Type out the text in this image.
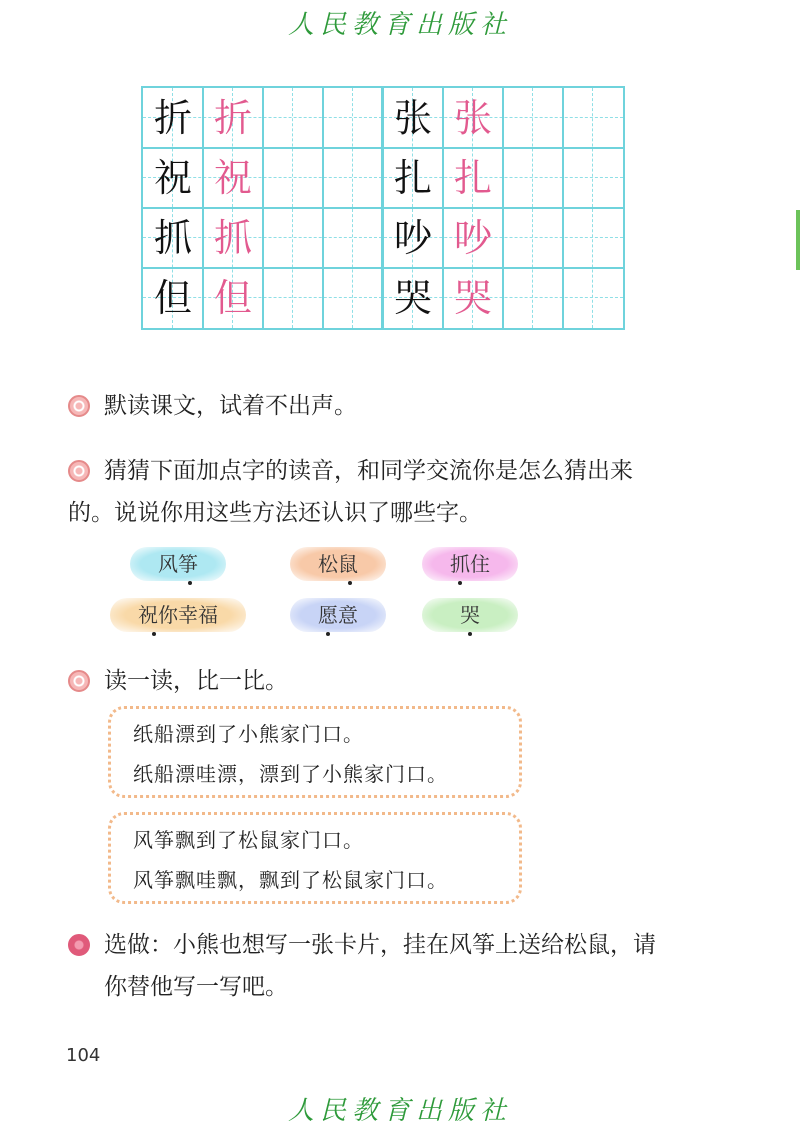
人民教育出版社
折 折	张 张
祝 祝	扎 扎
抓 抓	吵 吵
但 但	哭 哭
默读课文，试着不出声。
猜猜下面加点字的读音，和同学交流你是怎么猜出来
的。说说你用这些方法还认识了哪些字。
风筝	松鼠	抓住
祝你幸福	愿意	哭
读一读，比一比。
纸船漂到了小熊家门口。
纸船漂哇漂，漂到了小熊家门口。
风筝飘到了松鼠家门口。
风筝飘哇飘，飘到了松鼠家门口。
选做：小熊也想写一张卡片，挂在风筝上送给松鼠，请
你替他写一写吧。
104
人民教育出版社
